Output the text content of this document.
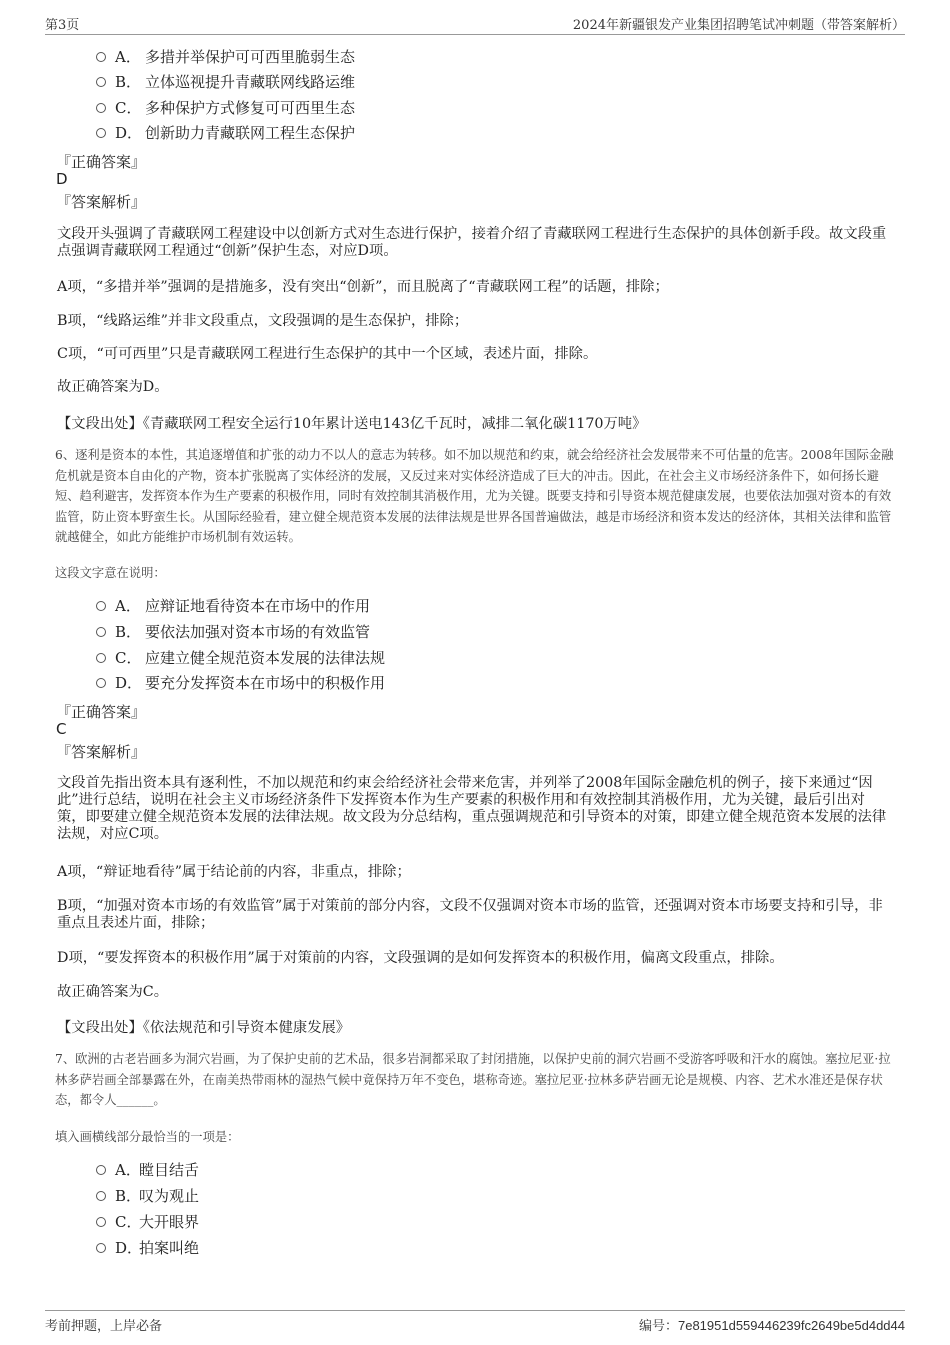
第3页	2024年新疆银发产业集团招聘笔试冲刺题（带答案解析）
A． 多措并举保护可可西里脆弱生态
B． 立体巡视提升青藏联网线路运维
C． 多种保护方式修复可可西里生态
D． 创新助力青藏联网工程生态保护
『正确答案』
D
『答案解析』
文段开头强调了青藏联网工程建设中以创新方式对生态进行保护，接着介绍了青藏联网工程进行生态保护的具体创新手段。故文段重点强调青藏联网工程通过“创新”保护生态，对应D项。
A项，“多措并举”强调的是措施多，没有突出“创新”，而且脱离了“青藏联网工程”的话题，排除；
B项，“线路运维”并非文段重点，文段强调的是生态保护，排除；
C项，“可可西里”只是青藏联网工程进行生态保护的其中一个区域，表述片面，排除。
故正确答案为D。
【文段出处】《青藏联网工程安全运行10年累计送电143亿千瓦时，减排二氧化碳1170万吨》
6、逐利是资本的本性，其追逐增值和扩张的动力不以人的意志为转移。如不加以规范和约束，就会给经济社会发展带来不可估量的危害。2008年国际金融危机就是资本自由化的产物，资本扩张脱离了实体经济的发展，又反过来对实体经济造成了巨大的冲击。因此，在社会主义市场经济条件下，如何扬长避短、趋利避害，发挥资本作为生产要素的积极作用，同时有效控制其消极作用，尤为关键。既要支持和引导资本规范健康发展，也要依法加强对资本的有效监管，防止资本野蛮生长。从国际经验看，建立健全规范资本发展的法律法规是世界各国普遍做法，越是市场经济和资本发达的经济体，其相关法律和监管就越健全，如此方能维护市场机制有效运转。
这段文字意在说明：
A． 应辩证地看待资本在市场中的作用
B． 要依法加强对资本市场的有效监管
C． 应建立健全规范资本发展的法律法规
D． 要充分发挥资本在市场中的积极作用
『正确答案』
C
『答案解析』
文段首先指出资本具有逐利性，不加以规范和约束会给经济社会带来危害，并列举了2008年国际金融危机的例子，接下来通过“因此”进行总结，说明在社会主义市场经济条件下发挥资本作为生产要素的积极作用和有效控制其消极作用，尤为关键，最后引出对策，即要建立健全规范资本发展的法律法规。故文段为分总结构，重点强调规范和引导资本的对策，即建立健全规范资本发展的法律法规，对应C项。
A项，“辩证地看待”属于结论前的内容，非重点，排除；
B项，“加强对资本市场的有效监管”属于对策前的部分内容，文段不仅强调对资本市场的监管，还强调对资本市场要支持和引导，非重点且表述片面，排除；
D项，“要发挥资本的积极作用”属于对策前的内容，文段强调的是如何发挥资本的积极作用，偏离文段重点，排除。
故正确答案为C。
【文段出处】《依法规范和引导资本健康发展》
7、欧洲的古老岩画多为洞穴岩画，为了保护史前的艺术品，很多岩洞都采取了封闭措施，以保护史前的洞穴岩画不受游客呼吸和汗水的腐蚀。塞拉尼亚·拉林多萨岩画全部暴露在外，在南美热带雨林的湿热气候中竟保持万年不变色，堪称奇迹。塞拉尼亚·拉林多萨岩画无论是规模、内容、艺术水准还是保存状态，都令人______。
填入画横线部分最恰当的一项是：
A．瞠目结舌
B．叹为观止
C．大开眼界
D．拍案叫绝
考前押题，上岸必备	编号：7e81951d559446239fc2649be5d4dd44
